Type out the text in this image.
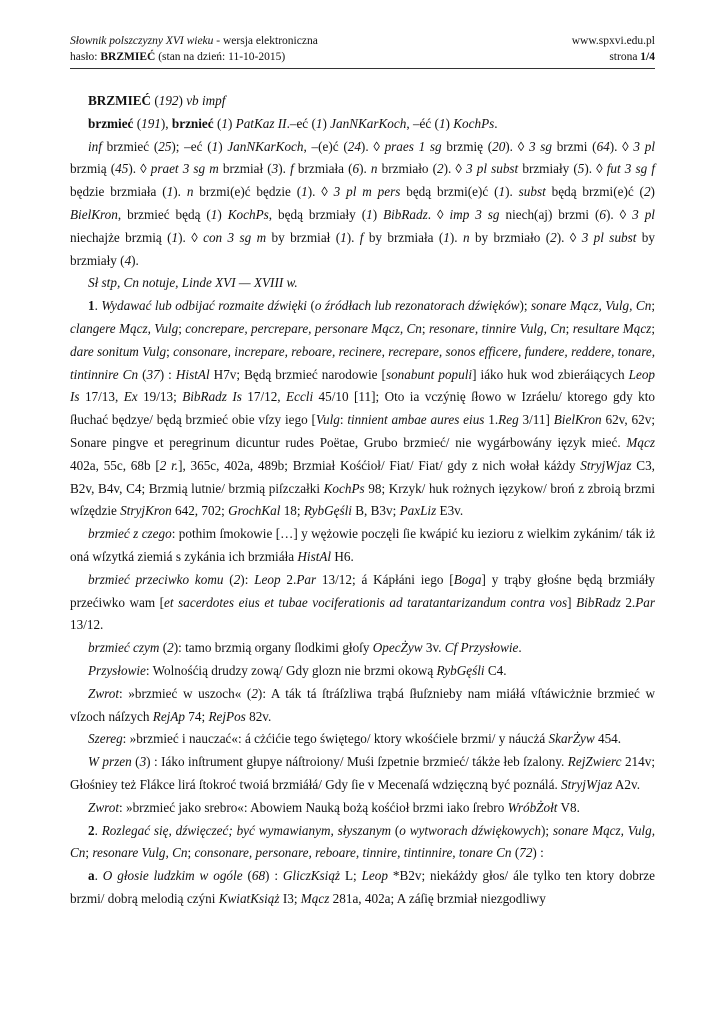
Słownik polszczyzny XVI wieku - wersja elektroniczna	www.spxvi.edu.pl
hasło: BRZMIEĆ (stan na dzień: 11-10-2015)	strona 1/4

BRZMIEĆ (192) vb impf

brzmieć (191), brznieć (1) PatKaz II.–eć (1) JanNKarKoch, –éć (1) KochPs.

inf brzmieć (25); –eć (1) JanNKarKoch, –(e)ć (24). ◊ praes 1 sg brzmię (20). ◊ 3 sg brzmi (64). ◊ 3 pl brzmią (45). ◊ praet 3 sg m brzmiał (3). f brzmiała (6). n brzmiało (2). ◊ 3 pl subst brzmiały (5). ◊ fut 3 sg f będzie brzmiała (1). n brzmi(e)ć będzie (1). ◊ 3 pl m pers będą brzmi(e)ć (1). subst będą brzmi(e)ć (2) BielKron, brzmieć będą (1) KochPs, będą brzmiały (1) BibRadz. ◊ imp 3 sg niech(aj) brzmi (6). ◊ 3 pl niechajże brzmią (1). ◊ con 3 sg m by brzmiał (1). f by brzmiała (1). n by brzmiało (2). ◊ 3 pl subst by brzmiały (4).

Sł stp, Cn notuje, Linde XVI — XVIII w.

1. Wydawać lub odbijać rozmaite dźwięki (o źródłach lub rezonatorach dźwięków); sonare Mącz, Vulg, Cn; clangere Mącz, Vulg; concrepare, percrepare, personare Mącz, Cn; resonare, tinnire Vulg, Cn; resultare Mącz; dare sonitum Vulg; consonare, increpare, reboare, recinere, recrepare, sonos efficere, fundere, reddere, tonare, tintinnire Cn (37) : HistAl H7v; Będą brzmieć narodowie [sonabunt populi] iáko huk wod zbieráiących Leop Is 17/13, Ex 19/13; BibRadz Is 17/12, Eccli 45/10 [11]; Oto ia vczýnię ſłowo w Izráelu/ ktorego gdy kto ſłuchać będzye/ będą brzmieć obie vſzy iego [Vulg: tinnient ambae aures eius 1.Reg 3/11] BielKron 62v, 62v; Sonare pingve et peregrinum dicuntur rudes Poëtae, Grubo brzmieć/ nie wygárbowány ięzyk mieć. Mącz 402a, 55c, 68b [2 r.], 365c, 402a, 489b; Brzmiał Kośćioł/ Fiat/ Fiat/ gdy z nich wołał káżdy StryjWjaz C3, B2v, B4v, C4; Brzmią lutnie/ brzmią piſzczałki KochPs 98; Krzyk/ huk rożnych ięzykow/ broń z zbroią brzmi wſzędzie StryjKron 642, 702; GrochKal 18; RybGęśli B, B3v; PaxLiz E3v.

brzmieć z czego: pothim ſmokowie […] y wężowie poczęli ſie kwápić ku iezioru z wielkim zykánim/ ták iż oná wſzytká ziemiá s zykánia ich brzmiáła HistAl H6.

brzmieć przeciwko komu (2): Leop 2.Par 13/12; á Kápłáni iego [Boga] y trąby głośne będą brzmiáły przećiwko wam [et sacerdotes eius et tubae vociferationis ad taratantarizandum contra vos] BibRadz 2.Par 13/12.

brzmieć czym (2): tamo brzmią organy ſlodkimi głoſy OpecŻyw 3v. Cf Przysłowie.

Przysłowie: Wolnośćią drudzy zową/ Gdy glozn nie brzmi okową RybGęśli C4.

Zwrot: »brzmieć w uszoch« (2): A ták tá ſtráſzliwa trąbá ſłuſznieby nam miáłá vſtáwicżnie brzmieć w vſzoch náſzych RejAp 74; RejPos 82v.

Szereg: »brzmieć i nauczać«: á cżćićie tego świętego/ ktory wkośćiele brzmi/ y náucżá SkarŻyw 454.

W przen (3) : Iáko inſtrument głupye náſtroiony/ Muśi ſzpetnie brzmieć/ tákże łeb ſzalony. RejZwierc 214v; Głośniey też Flákce lirá ſtokroć twoiá brzmiáłá/ Gdy ſie v Mecenaſá wdzięczną być poználá. StryjWjaz A2v.

Zwrot: »brzmieć jako srebro«: Abowiem Nauką bożą kośćioł brzmi iako ſrebro WróbŻołt V8.

2. Rozlegać się, dźwięczeć; być wymawianym, słyszanym (o wytworach dźwiękowych); sonare Mącz, Vulg, Cn; resonare Vulg, Cn; consonare, personare, reboare, tinnire, tintinnire, tonare Cn (72) :

a. O głosie ludzkim w ogóle (68) : GliczKsiąż L; Leop *B2v; niekáżdy głos/ ále tylko ten ktory dobrze brzmi/ dobrą melodią czýni KwiatKsiąż I3; Mącz 281a, 402a; A záſię brzmiał niezgodliwy
